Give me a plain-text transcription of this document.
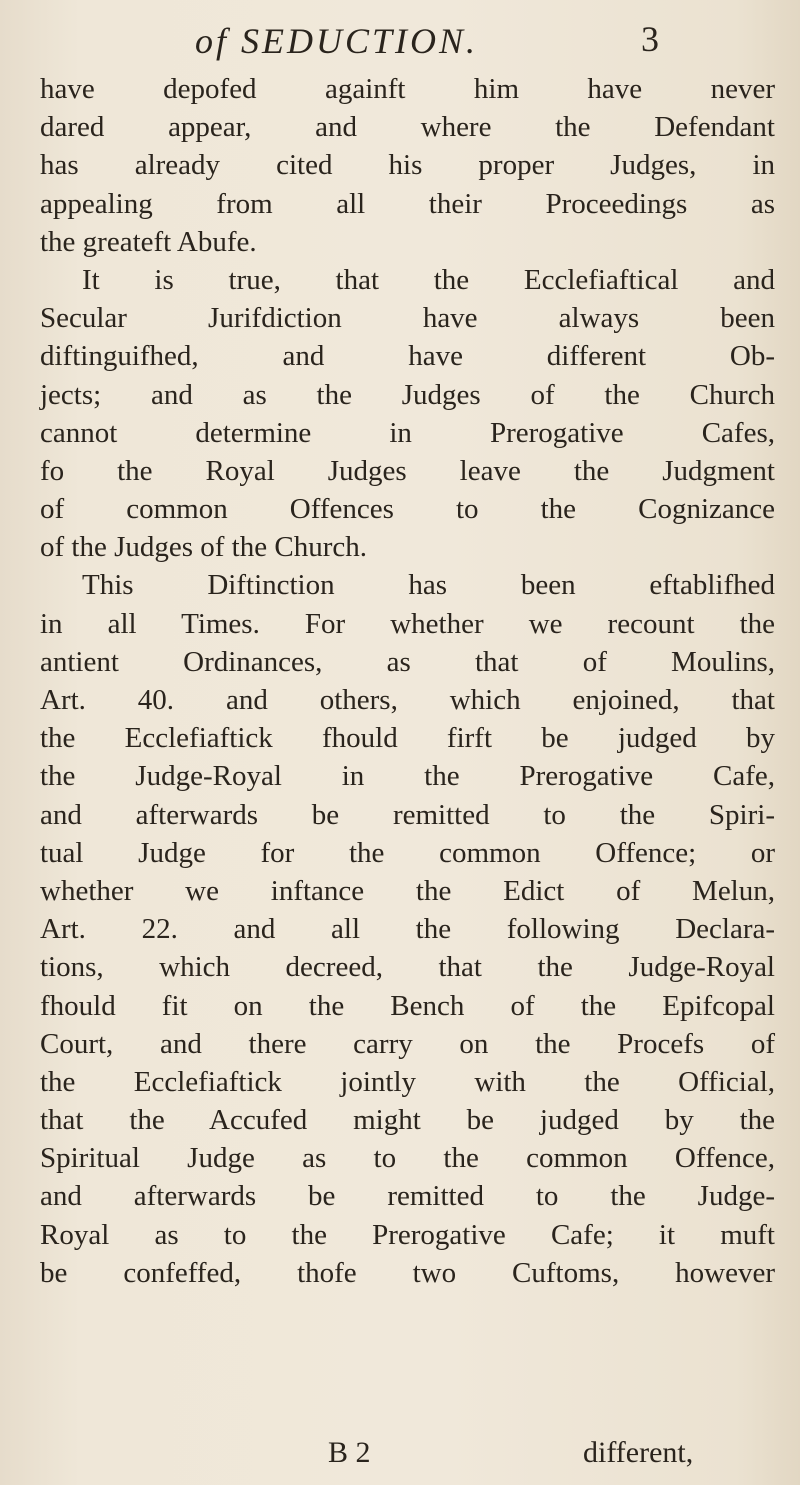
of SEDUCTION.	3
have depofed againft him have never
dared appear, and where the Defendant
has already cited his proper Judges, in
appealing from all their Proceedings as
the greateft Abufe.
It is true, that the Ecclefiaftical and
Secular Jurifdiction have always been
diftinguifhed, and have different Ob-
jects; and as the Judges of the Church
cannot determine in Prerogative Cafes,
fo the Royal Judges leave the Judgment
of common Offences to the Cognizance
of the Judges of the Church.
This Diftinction has been eftablifhed
in all Times. For whether we recount the
antient Ordinances, as that of Moulins,
Art. 40. and others, which enjoined, that
the Ecclefiaftick fhould firft be judged by
the Judge-Royal in the Prerogative Cafe,
and afterwards be remitted to the Spiri-
tual Judge for the common Offence; or
whether we inftance the Edict of Melun,
Art. 22. and all the following Declara-
tions, which decreed, that the Judge-Royal
fhould fit on the Bench of the Epifcopal
Court, and there carry on the Procefs of
the Ecclefiaftick jointly with the Official,
that the Accufed might be judged by the
Spiritual Judge as to the common Offence,
and afterwards be remitted to the Judge-
Royal as to the Prerogative Cafe; it muft
be confeffed, thofe two Cuftoms, however
B 2	different,
